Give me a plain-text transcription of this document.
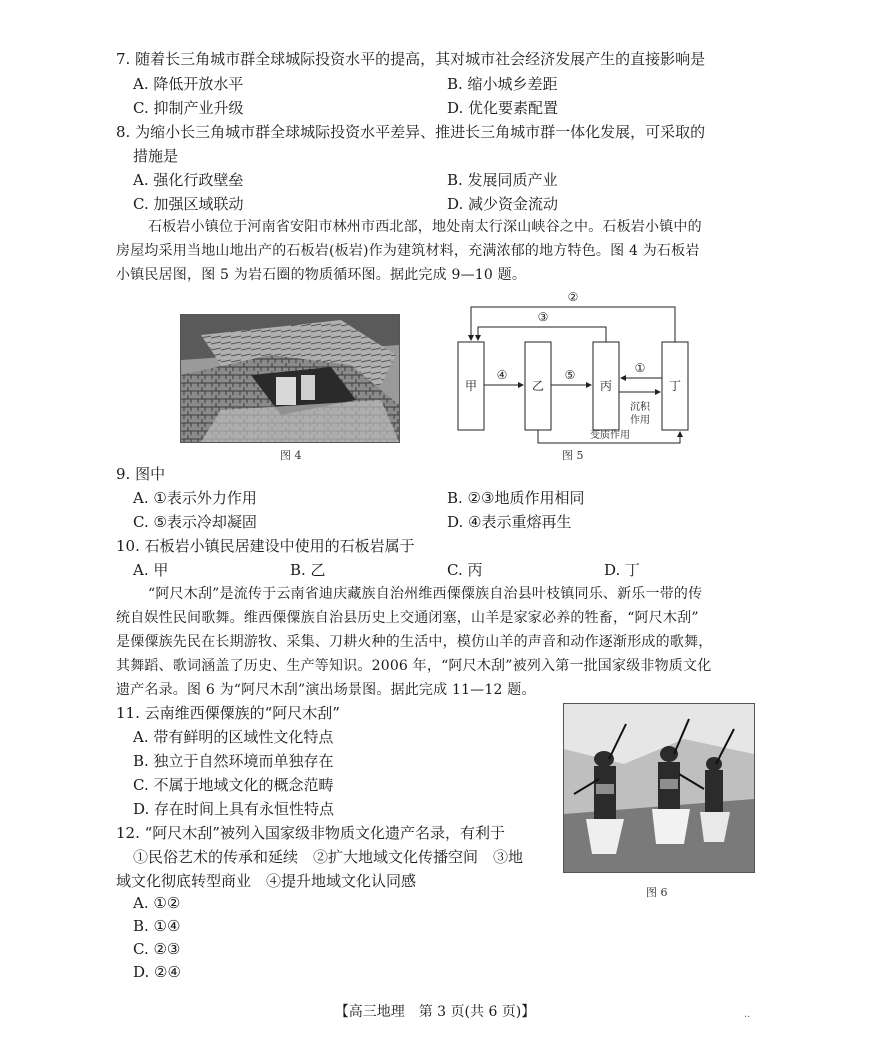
7. 随着长三角城市群全球城际投资水平的提高，其对城市社会经济发展产生的直接影响是
A. 降低开放水平	B. 缩小城乡差距
C. 抑制产业升级	D. 优化要素配置
8. 为缩小长三角城市群全球城际投资水平差异、推进长三角城市群一体化发展，可采取的
措施是
A. 强化行政壁垒	B. 发展同质产业
C. 加强区域联动	D. 减少资金流动
石板岩小镇位于河南省安阳市林州市西北部，地处南太行深山峡谷之中。石板岩小镇中的
房屋均采用当地山地出产的石板岩(板岩)作为建筑材料，充满浓郁的地方特色。图 4 为石板岩
小镇民居图，图 5 为岩石圈的物质循环图。据此完成 9—10 题。
图 4
甲	乙	丙	丁
②
③
④	⑤	①
沉积
作用
变质作用
图 5
9. 图中
A. ①表示外力作用	B. ②③地质作用相同
C. ⑤表示冷却凝固	D. ④表示重熔再生
10. 石板岩小镇民居建设中使用的石板岩属于
A. 甲	B. 乙	C. 丙	D. 丁
“阿尺木刮”是流传于云南省迪庆藏族自治州维西傈僳族自治县叶枝镇同乐、新乐一带的传
统自娱性民间歌舞。维西傈僳族自治县历史上交通闭塞，山羊是家家必养的牲畜，“阿尺木刮”
是傈僳族先民在长期游牧、采集、刀耕火种的生活中，模仿山羊的声音和动作逐渐形成的歌舞，
其舞蹈、歌词涵盖了历史、生产等知识。2006 年，“阿尺木刮”被列入第一批国家级非物质文化
遗产名录。图 6 为“阿尺木刮”演出场景图。据此完成 11—12 题。
11. 云南维西傈僳族的“阿尺木刮”
A. 带有鲜明的区域性文化特点
B. 独立于自然环境而单独存在
C. 不属于地域文化的概念范畴
D. 存在时间上具有永恒性特点
图 6
12. “阿尺木刮”被列入国家级非物质文化遗产名录，有利于
①民俗艺术的传承和延续　②扩大地域文化传播空间　③地
域文化彻底转型商业　④提升地域文化认同感
A. ①②
B. ①④
C. ②③
D. ②④
【高三地理　第 3 页(共 6 页)】	··
